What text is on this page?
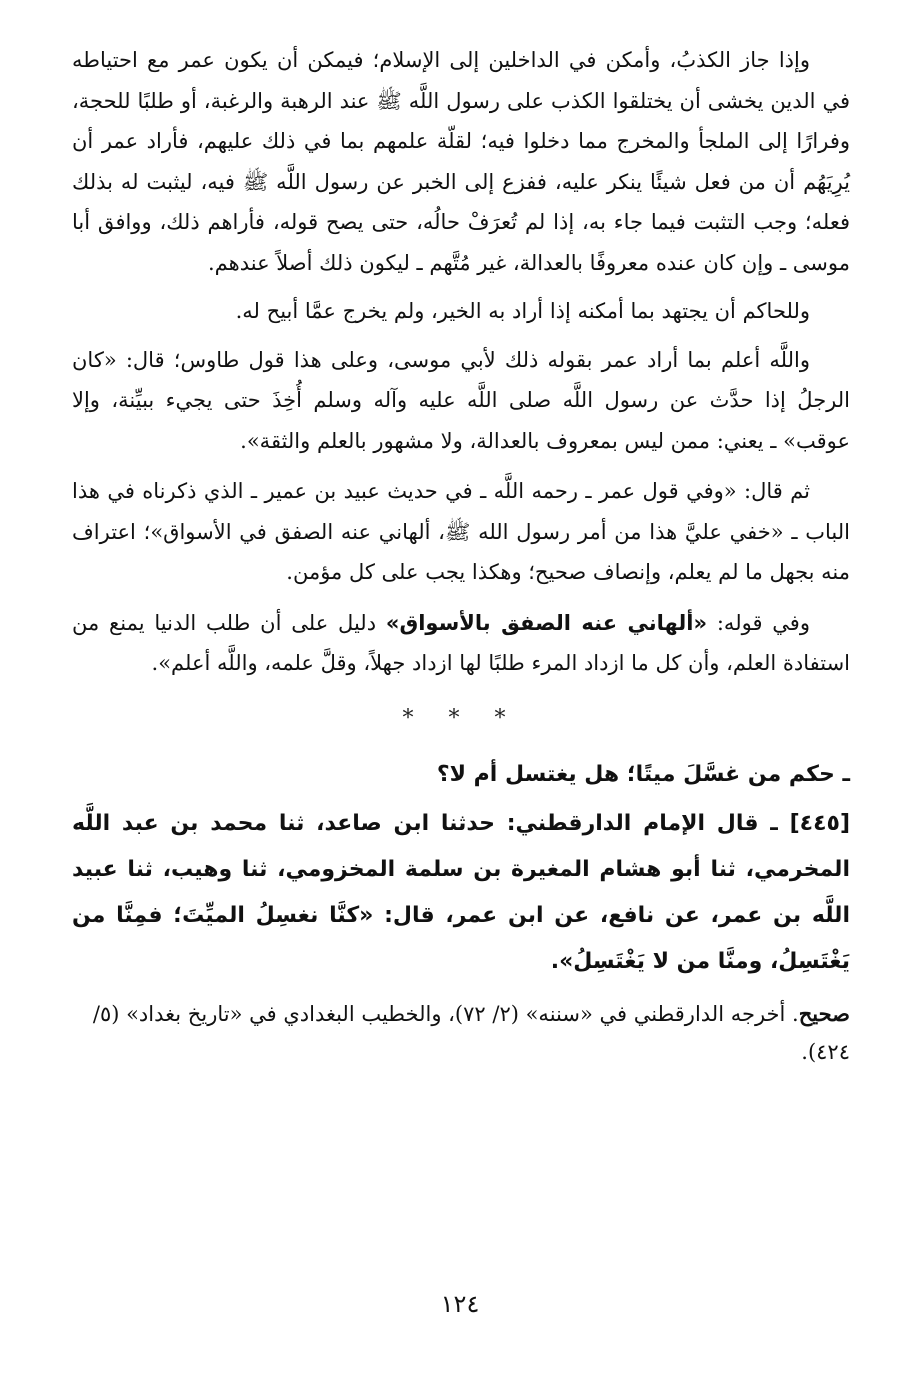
وإذا جاز الكذبُ، وأمكن في الداخلين إلى الإسلام؛ فيمكن أن يكون عمر مع احتياطه في الدين يخشى أن يختلقوا الكذب على رسول اللَّه ﷺ عند الرهبة والرغبة، أو طلبًا للحجة، وفرارًا إلى الملجأ والمخرج مما دخلوا فيه؛ لقلّة علمهم بما في ذلك عليهم، فأراد عمر أن يُرِيَهُم أن من فعل شيئًا ينكر عليه، ففزع إلى الخبر عن رسول اللَّه ﷺ فيه، ليثبت له بذلك فعله؛ وجب التثبت فيما جاء به، إذا لم تُعرَفْ حالُه، حتى يصح قوله، فأراهم ذلك، ووافق أبا موسى ـ وإن كان عنده معروفًا بالعدالة، غير مُتَّهم ـ ليكون ذلك أصلاً عندهم.

وللحاكم أن يجتهد بما أمكنه إذا أراد به الخير، ولم يخرج عمَّا أبيح له.

واللَّه أعلم بما أراد عمر بقوله ذلك لأبي موسى، وعلى هذا قول طاوس؛ قال: «كان الرجلُ إذا حدَّث عن رسول اللَّه صلى اللَّه عليه وآله وسلم أُخِذَ حتى يجيء ببيِّنة، وإلا عوقب» ـ يعني: ممن ليس بمعروف بالعدالة، ولا مشهور بالعلم والثقة».

ثم قال: «وفي قول عمر ـ رحمه اللَّه ـ في حديث عبيد بن عمير ـ الذي ذكرناه في هذا الباب ـ «خفي عليَّ هذا من أمر رسول الله ﷺ، ألهاني عنه الصفق في الأسواق»؛ اعتراف منه بجهل ما لم يعلم، وإنصاف صحيح؛ وهكذا يجب على كل مؤمن.

وفي قوله: «ألهاني عنه الصفق بالأسواق» دليل على أن طلب الدنيا يمنع من استفادة العلم، وأن كل ما ازداد المرء طلبًا لها ازداد جهلاً، وقلَّ علمه، واللَّه أعلم».

* * *
ـ حكم من غسَّلَ ميتًا؛ هل يغتسل أم لا؟

[٤٤٥] ـ قال الإمام الدارقطني: حدثنا ابن صاعد، ثنا محمد بن عبد اللَّه المخرمي، ثنا أبو هشام المغيرة بن سلمة المخزومي، ثنا وهيب، ثنا عبيد اللَّه بن عمر، عن نافع، عن ابن عمر، قال: «كنَّا نغسِلُ الميِّتَ؛ فمِنَّا من يَغْتَسِلُ، ومنَّا من لا يَغْتَسِلُ».

صحيح. أخرجه الدارقطني في «سننه» (٢/ ٧٢)، والخطيب البغدادي في «تاريخ بغداد» (٥/ ٤٢٤).

١٢٤
